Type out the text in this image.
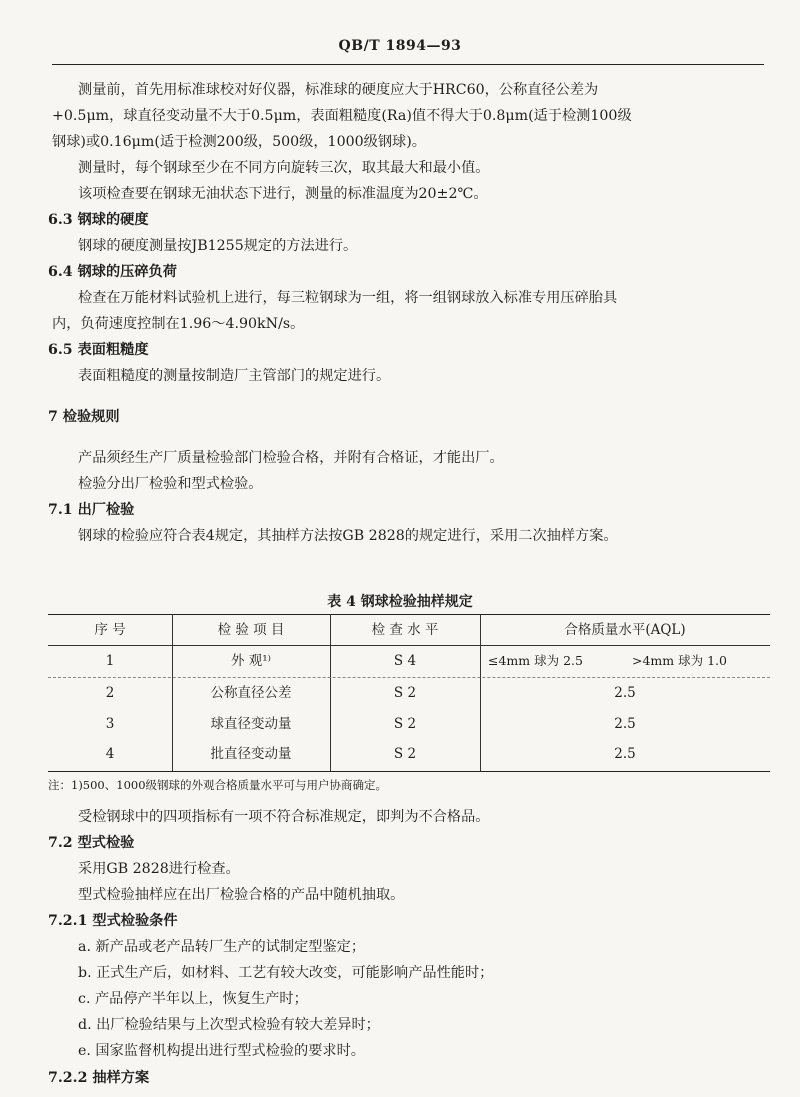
QB/T 1894—93
测量前，首先用标准球校对好仪器，标准球的硬度应大于HRC60，公称直径公差为
+0.5μm，球直径变动量不大于0.5μm，表面粗糙度(Ra)值不得大于0.8μm(适于检测100级
钢球)或0.16μm(适于检测200级，500级，1000级钢球)。
测量时，每个钢球至少在不同方向旋转三次，取其最大和最小值。
该项检查要在钢球无油状态下进行，测量的标准温度为20±2℃。
6.3 钢球的硬度
钢球的硬度测量按JB1255规定的方法进行。
6.4 钢球的压碎负荷
检查在万能材料试验机上进行，每三粒钢球为一组，将一组钢球放入标准专用压碎胎具
内，负荷速度控制在1.96～4.90kN/s。
6.5 表面粗糙度
表面粗糙度的测量按制造厂主管部门的规定进行。
7 检验规则
产品须经生产厂质量检验部门检验合格，并附有合格证，才能出厂。
检验分出厂检验和型式检验。
7.1 出厂检验
钢球的检验应符合表4规定，其抽样方法按GB 2828的规定进行，采用二次抽样方案。
表 4 钢球检验抽样规定
序 号	检 验 项 目	检 查 水 平	合格质量水平(AQL)
1	外 观¹⁾	S 4	≤4mm 球为 2.5	>4mm 球为 1.0
2	公称直径公差	S 2	2.5
3	球直径变动量	S 2	2.5
4	批直径变动量	S 2	2.5
注：1)500、1000级钢球的外观合格质量水平可与用户协商确定。
受检钢球中的四项指标有一项不符合标准规定，即判为不合格品。
7.2 型式检验
采用GB 2828进行检查。
型式检验抽样应在出厂检验合格的产品中随机抽取。
7.2.1 型式检验条件
a. 新产品或老产品转厂生产的试制定型鉴定；
b. 正式生产后，如材料、工艺有较大改变，可能影响产品性能时；
c. 产品停产半年以上，恢复生产时；
d. 出厂检验结果与上次型式检验有较大差异时；
e. 国家监督机构提出进行型式检验的要求时。
7.2.2 抽样方案
